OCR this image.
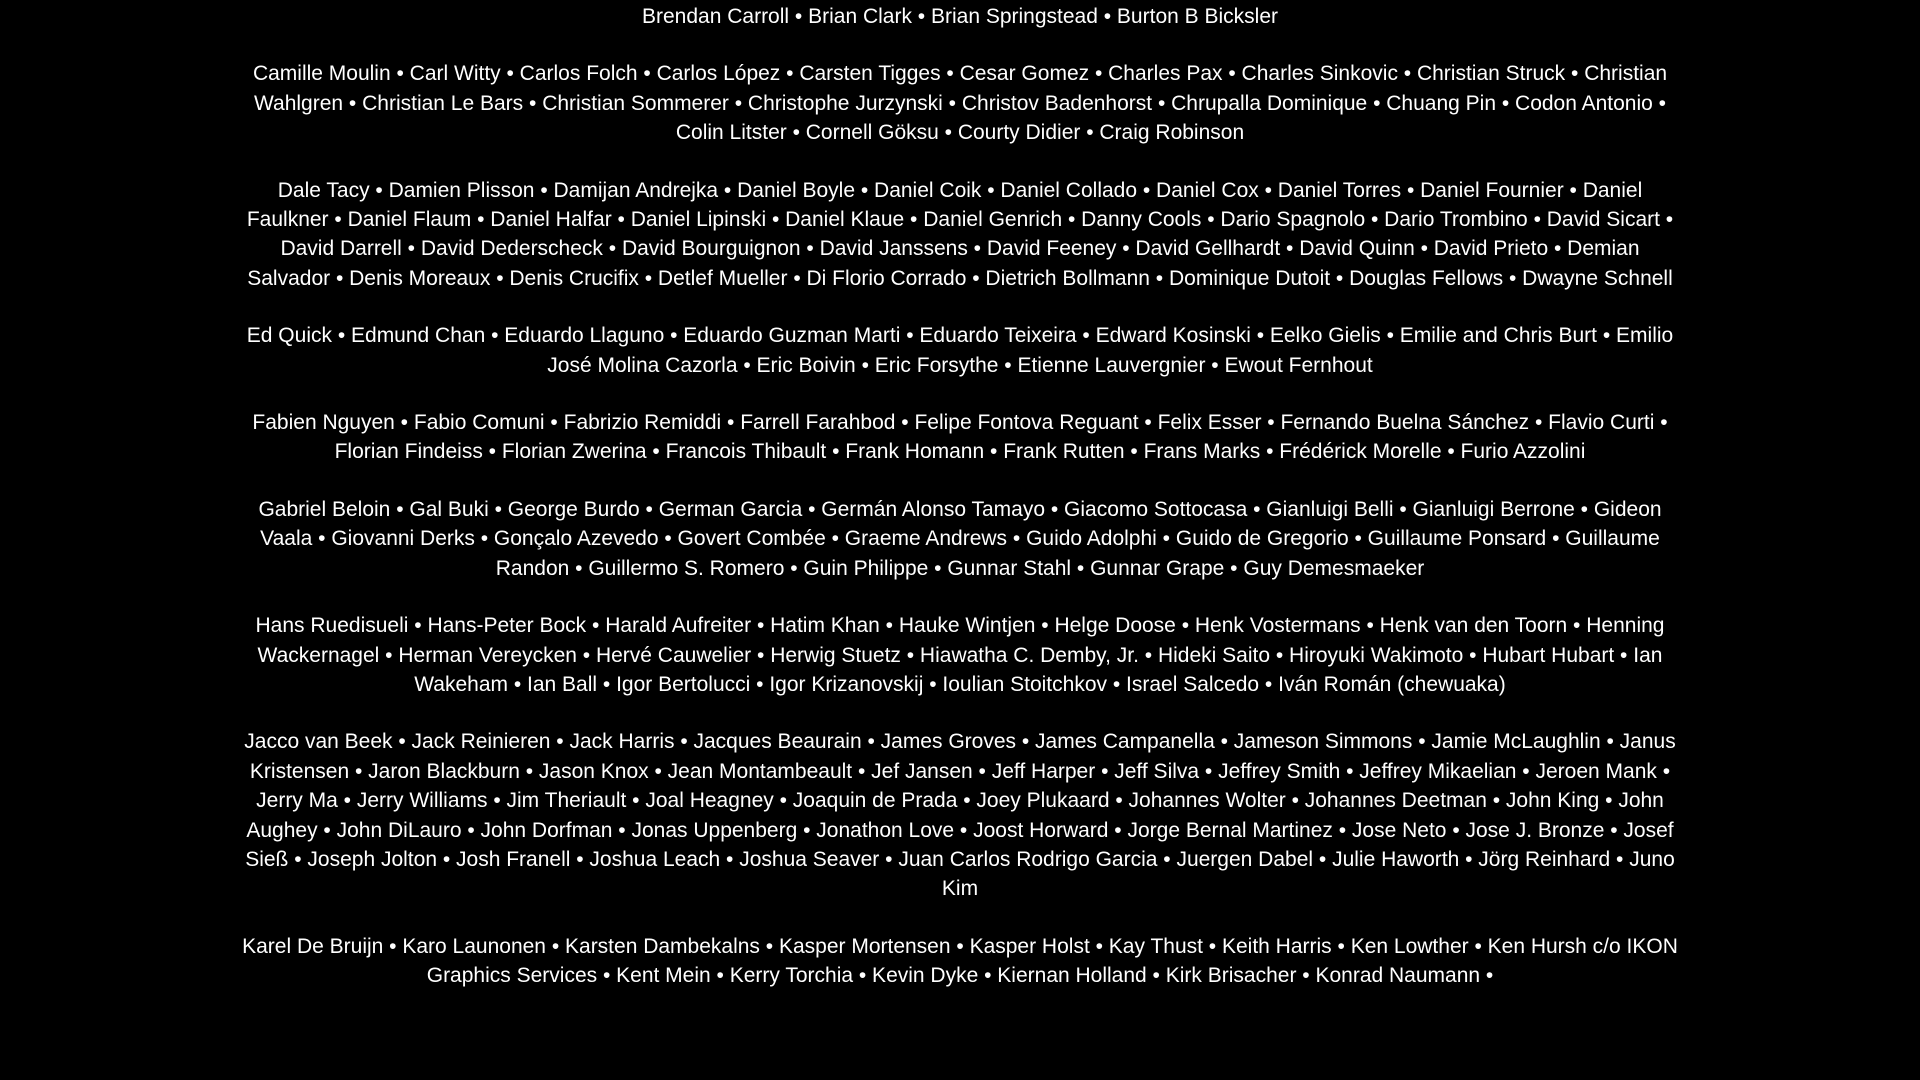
Brendan Carroll • Brian Clark • Brian Springstead • Burton B Bicksler

Camille Moulin • Carl Witty • Carlos Folch • Carlos López • Carsten Tigges • Cesar Gomez • Charles Pax • Charles Sinkovic • Christian Struck • Christian Wahlgren • Christian Le Bars • Christian Sommerer • Christophe Jurzynski • Christov Badenhorst • Chrupalla Dominique • Chuang Pin • Codon Antonio • Colin Litster • Cornell Göksu • Courty Didier • Craig Robinson

Dale Tacy • Damien Plisson • Damijan Andrejka • Daniel Boyle • Daniel Coik • Daniel Collado • Daniel Cox • Daniel Torres • Daniel Fournier • Daniel Faulkner • Daniel Flaum • Daniel Halfar • Daniel Lipinski • Daniel Klaue • Daniel Genrich • Danny Cools • Dario Spagnolo • Dario Trombino • David Sicart • David Darrell • David Dederscheck • David Bourguignon • David Janssens • David Feeney • David Gellhardt • David Quinn • David Prieto • Demian Salvador • Denis Moreaux • Denis Crucifix • Detlef Mueller • Di Florio Corrado • Dietrich Bollmann • Dominique Dutoit • Douglas Fellows • Dwayne Schnell

Ed Quick • Edmund Chan • Eduardo Llaguno • Eduardo Guzman Marti • Eduardo Teixeira • Edward Kosinski • Eelko Gielis • Emilie and Chris Burt • Emilio José Molina Cazorla • Eric Boivin • Eric Forsythe • Etienne Lauvergnier • Ewout Fernhout

Fabien Nguyen • Fabio Comuni • Fabrizio Remiddi • Farrell Farahbod • Felipe Fontova Reguant • Felix Esser • Fernando Buelna Sánchez • Flavio Curti • Florian Findeiss • Florian Zwerina • Francois Thibault • Frank Homann • Frank Rutten • Frans Marks • Frédérick Morelle • Furio Azzolini

Gabriel Beloin • Gal Buki • George Burdo • German Garcia • Germán Alonso Tamayo • Giacomo Sottocasa • Gianluigi Belli • Gianluigi Berrone • Gideon Vaala • Giovanni Derks • Gonçalo Azevedo • Govert Combée • Graeme Andrews • Guido Adolphi • Guido de Gregorio • Guillaume Ponsard • Guillaume Randon • Guillermo S. Romero • Guin Philippe • Gunnar Stahl • Gunnar Grape • Guy Demesmaeker

Hans Ruedisueli • Hans-Peter Bock • Harald Aufreiter • Hatim Khan • Hauke Wintjen • Helge Doose • Henk Vostermans • Henk van den Toorn • Henning Wackernagel • Herman Vereycken • Hervé Cauwelier • Herwig Stuetz • Hiawatha C. Demby, Jr. • Hideki Saito • Hiroyuki Wakimoto • Hubart Hubart • Ian Wakeham • Ian Ball • Igor Bertolucci • Igor Krizanovskij • Ioulian Stoitchkov • Israel Salcedo • Iván Román (chewuaka)

Jacco van Beek • Jack Reinieren • Jack Harris • Jacques Beaurain • James Groves • James Campanella • Jameson Simmons • Jamie McLaughlin • Janus Kristensen • Jaron Blackburn • Jason Knox • Jean Montambeault • Jef Jansen • Jeff Harper • Jeff Silva • Jeffrey Smith • Jeffrey Mikaelian • Jeroen Mank • Jerry Ma • Jerry Williams • Jim Theriault • Joal Heagney • Joaquin de Prada • Joey Plukaard • Johannes Wolter • Johannes Deetman • John King • John Aughey • John DiLauro • John Dorfman • Jonas Uppenberg • Jonathon Love • Joost Horward • Jorge Bernal Martinez • Jose Neto • Jose J. Bronze • Josef Sieß • Joseph Jolton • Josh Franell • Joshua Leach • Joshua Seaver • Juan Carlos Rodrigo Garcia • Juergen Dabel • Julie Haworth • Jörg Reinhard • Juno Kim

Karel De Bruijn • Karo Launonen • Karsten Dambekalns • Kasper Mortensen • Kasper Holst • Kay Thust • Keith Harris • Ken Lowther • Ken Hursh c/o IKON Graphics Services • Kent Mein • Kerry Torchia • Kevin Dyke • Kiernan Holland • Kirk Brisacher • Konrad Naumann •
